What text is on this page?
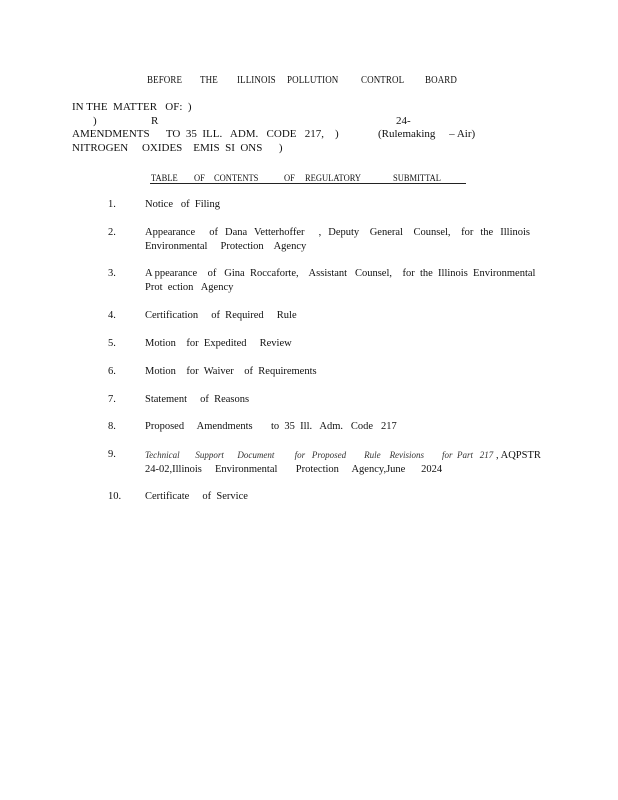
BEFORE THE ILLINOIS POLLUTION	CONTROL BOARD
IN THE  MATTER   OF:  )
)	R	24-
AMENDMENTS      TO  35  ILL.   ADM.   CODE   217,    )	(Rulemaking     – Air)
NITROGEN     OXIDES    EMIS  SI  ONS      )
TABLE OF CONTENTS	OF REGULATORY	SUBMITTAL
1.	Notice   of  Filing
2.	Appearance    of  Dana  Vetterhoffer    ,  Deputy   General   Counsel,   for  the  Illinois
Environmental     Protection    Agency
3.	A ppearance    of   Gina  Roccaforte,    Assistant   Counsel,    for  the  Illinois  Environmental
Prot  ection   Agency
4.	Certification     of  Required     Rule
5.	Motion    for  Expedited     Review
6.	Motion    for  Waiver    of  Requirements
7.	Statement     of  Reasons
8.	Proposed     Amendments       to  35  Ill.   Adm.   Code   217
9.	Technical       Support      Document         for   Proposed        Rule    Revisions        for  Part   217 , AQPSTR
24-02,Illinois     Environmental       Protection     Agency,June      2024
10. Certificate     of  Service
